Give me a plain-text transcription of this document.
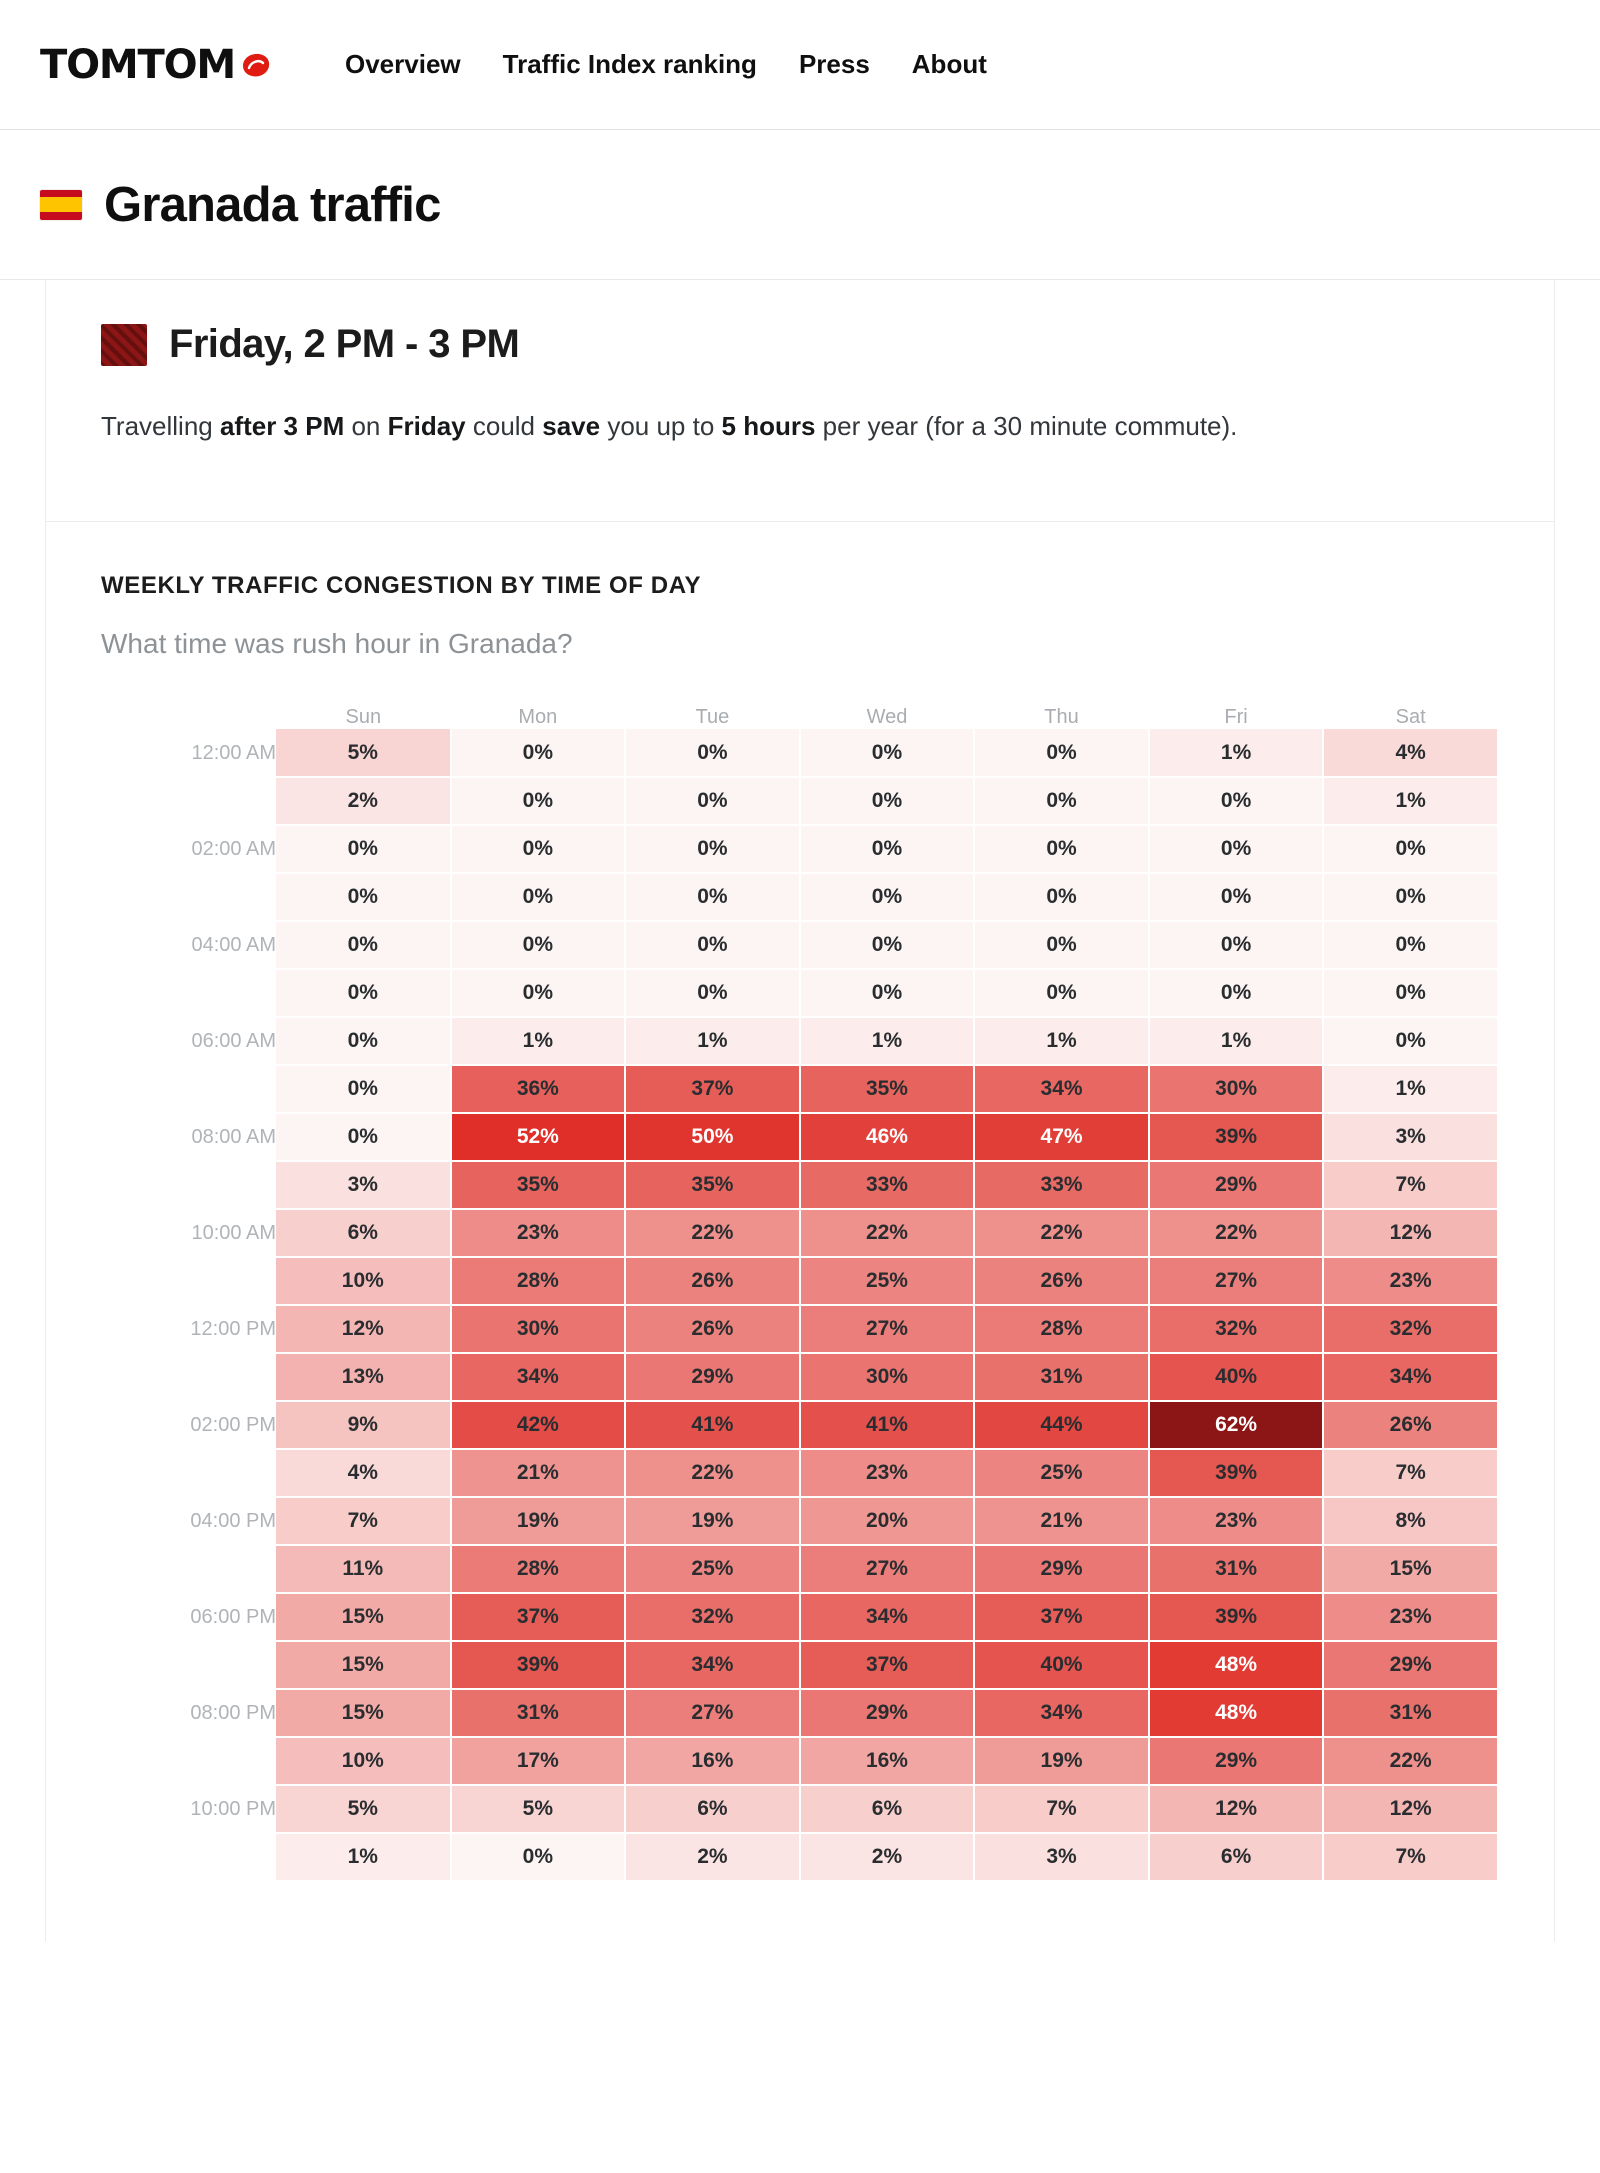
TOMTOM	Overview Traffic Index ranking Press About
Granada traffic
Friday, 2 PM - 3 PM

Travelling after 3 PM on Friday could save you up to 5 hours per year (for a 30 minute commute).

WEEKLY TRAFFIC CONGESTION BY TIME OF DAY
What time was rush hour in Granada?
	Sun	Mon	Tue	Wed	Thu	Fri	Sat
12:00 AM	5%	0%	0%	0%	0%	1%	4%
	2%	0%	0%	0%	0%	0%	1%
02:00 AM	0%	0%	0%	0%	0%	0%	0%
	0%	0%	0%	0%	0%	0%	0%
04:00 AM	0%	0%	0%	0%	0%	0%	0%
	0%	0%	0%	0%	0%	0%	0%
06:00 AM	0%	1%	1%	1%	1%	1%	0%
	0%	36%	37%	35%	34%	30%	1%
08:00 AM	0%	52%	50%	46%	47%	39%	3%
	3%	35%	35%	33%	33%	29%	7%
10:00 AM	6%	23%	22%	22%	22%	22%	12%
	10%	28%	26%	25%	26%	27%	23%
12:00 PM	12%	30%	26%	27%	28%	32%	32%
	13%	34%	29%	30%	31%	40%	34%
02:00 PM	9%	42%	41%	41%	44%	62%	26%
	4%	21%	22%	23%	25%	39%	7%
04:00 PM	7%	19%	19%	20%	21%	23%	8%
	11%	28%	25%	27%	29%	31%	15%
06:00 PM	15%	37%	32%	34%	37%	39%	23%
	15%	39%	34%	37%	40%	48%	29%
08:00 PM	15%	31%	27%	29%	34%	48%	31%
	10%	17%	16%	16%	19%	29%	22%
10:00 PM	5%	5%	6%	6%	7%	12%	12%
	1%	0%	2%	2%	3%	6%	7%
